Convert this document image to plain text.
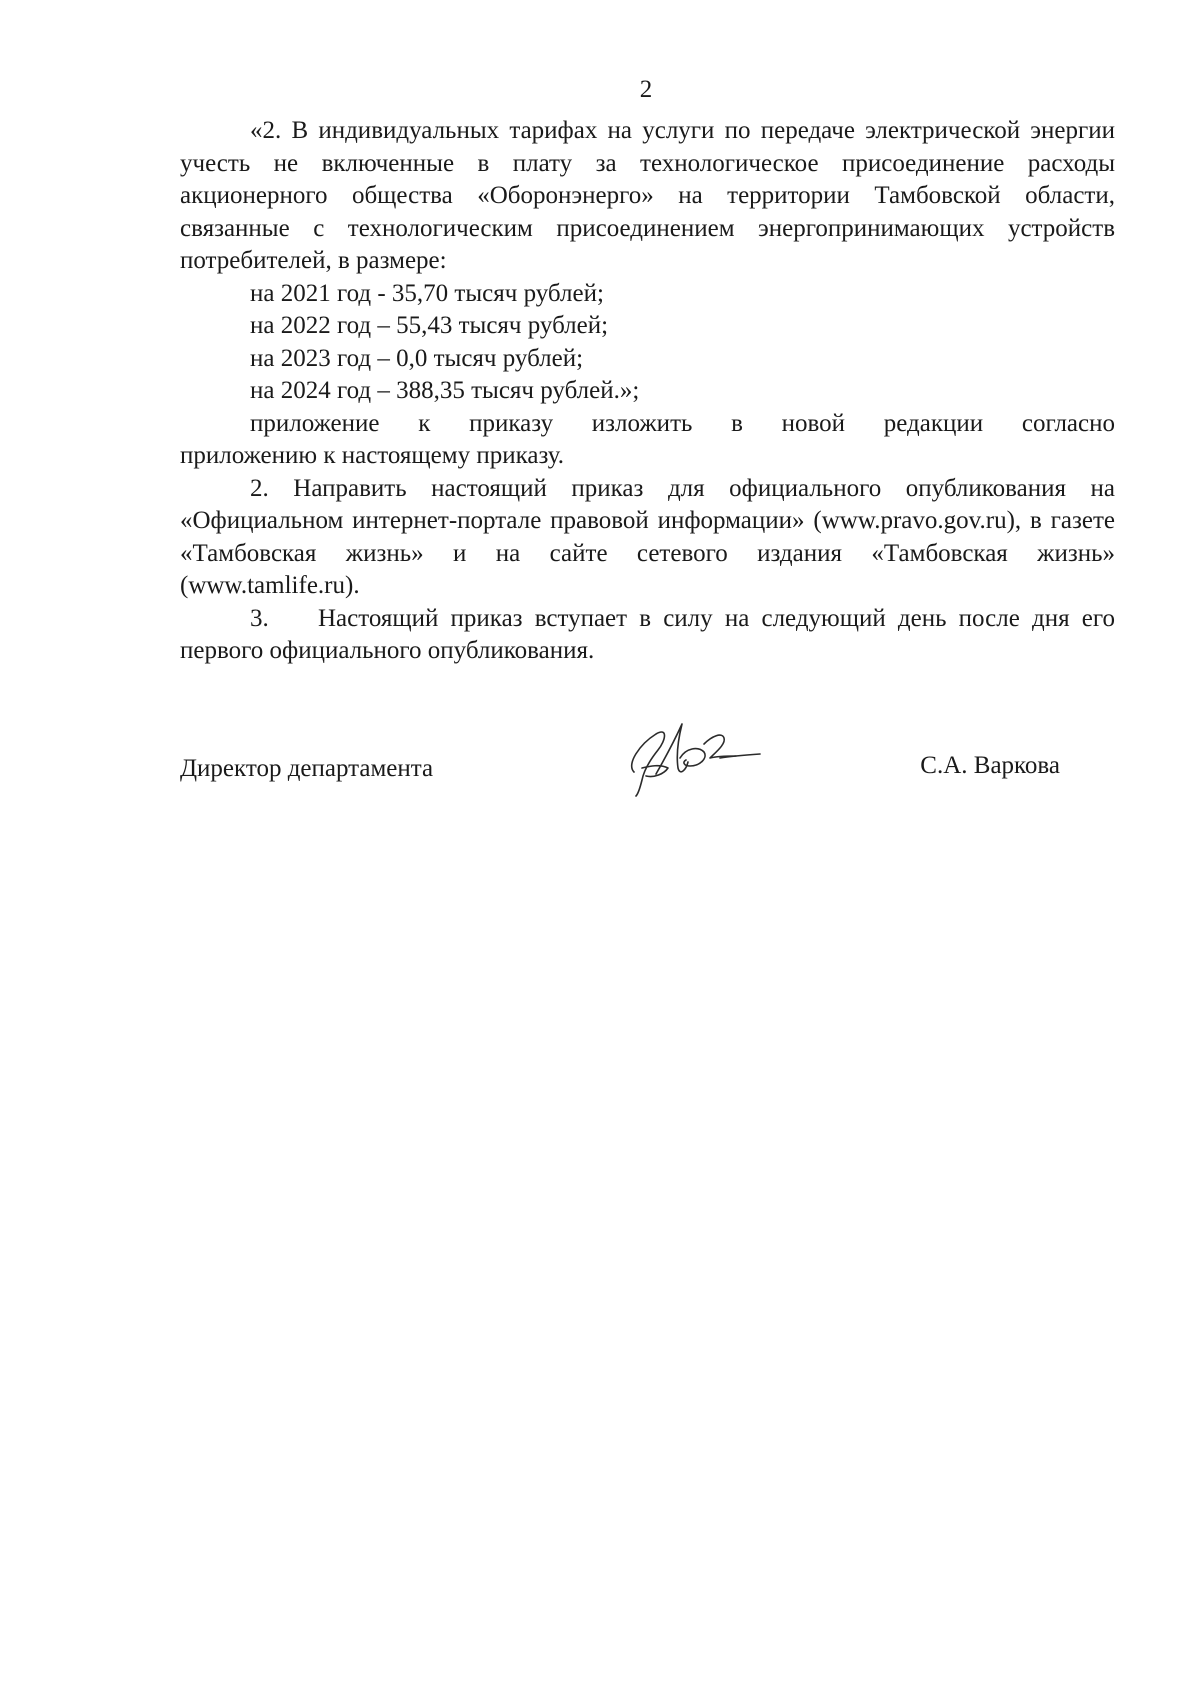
2

«2. В индивидуальных тарифах на услуги по передаче электрической энергии учесть не включенные в плату за технологическое присоединение расходы акционерного общества «Оборонэнерго» на территории Тамбовской области, связанные с технологическим присоединением энергопринимающих устройств потребителей, в размере:

на 2021 год - 35,70 тысяч рублей;

на 2022 год – 55,43 тысяч рублей;

на 2023 год – 0,0 тысяч рублей;

на 2024 год – 388,35 тысяч рублей.»;

приложение к приказу изложить в новой редакции согласно

приложению к настоящему приказу.

2. Направить настоящий приказ для официального опубликования на «Официальном интернет-портале правовой информации» (www.pravo.gov.ru), в газете «Тамбовская жизнь» и на сайте сетевого издания «Тамбовская жизнь» (www.tamlife.ru).

3. Настоящий приказ вступает в силу на следующий день после дня его первого официального опубликования.

Директор департамента	С.А. Варкова
